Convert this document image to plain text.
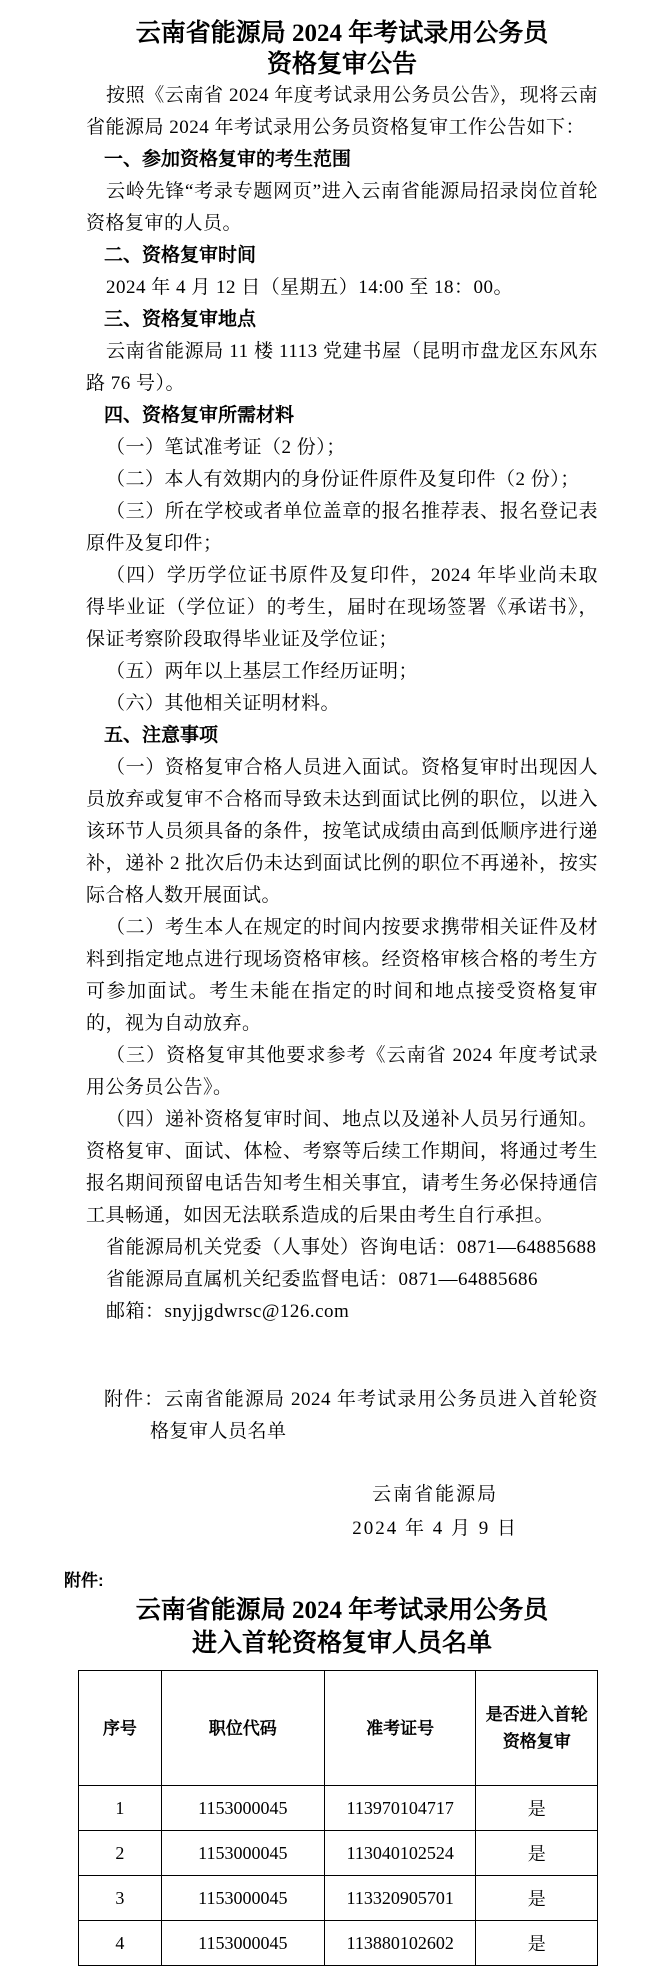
云南省能源局 2024 年考试录用公务员
资格复审公告

按照《云南省 2024 年度考试录用公务员公告》，现将云南省能源局 2024 年考试录用公务员资格复审工作公告如下：

一、参加资格复审的考生范围

云岭先锋“考录专题网页”进入云南省能源局招录岗位首轮资格复审的人员。

二、资格复审时间

2024 年 4 月 12 日（星期五）14:00 至 18：00。

三、资格复审地点

云南省能源局 11 楼 1113 党建书屋（昆明市盘龙区东风东路 76 号）。

四、资格复审所需材料

（一）笔试准考证（2 份）；

（二）本人有效期内的身份证件原件及复印件（2 份）；

（三）所在学校或者单位盖章的报名推荐表、报名登记表原件及复印件；

（四）学历学位证书原件及复印件，2024 年毕业尚未取得毕业证（学位证）的考生，届时在现场签署《承诺书》，保证考察阶段取得毕业证及学位证；

（五）两年以上基层工作经历证明；

（六）其他相关证明材料。

五、注意事项

（一）资格复审合格人员进入面试。资格复审时出现因人员放弃或复审不合格而导致未达到面试比例的职位，以进入该环节人员须具备的条件，按笔试成绩由高到低顺序进行递补，递补 2 批次后仍未达到面试比例的职位不再递补，按实际合格人数开展面试。

（二）考生本人在规定的时间内按要求携带相关证件及材料到指定地点进行现场资格审核。经资格审核合格的考生方可参加面试。考生未能在指定的时间和地点接受资格复审的，视为自动放弃。

（三）资格复审其他要求参考《云南省 2024 年度考试录用公务员公告》。

（四）递补资格复审时间、地点以及递补人员另行通知。资格复审、面试、体检、考察等后续工作期间，将通过考生报名期间预留电话告知考生相关事宜，请考生务必保持通信工具畅通，如因无法联系造成的后果由考生自行承担。

省能源局机关党委（人事处）咨询电话：0871—64885688

省能源局直属机关纪委监督电话：0871—64885686

邮箱：snyjjgdwrsc@126.com

附件：云南省能源局 2024 年考试录用公务员进入首轮资格复审人员名单

云南省能源局
2024 年 4 月 9 日
附件:
云南省能源局 2024 年考试录用公务员
进入首轮资格复审人员名单
序号	职位代码	准考证号	是否进入首轮资格复审
1	1153000045	113970104717	是
2	1153000045	113040102524	是
3	1153000045	113320905701	是
4	1153000045	113880102602	是
